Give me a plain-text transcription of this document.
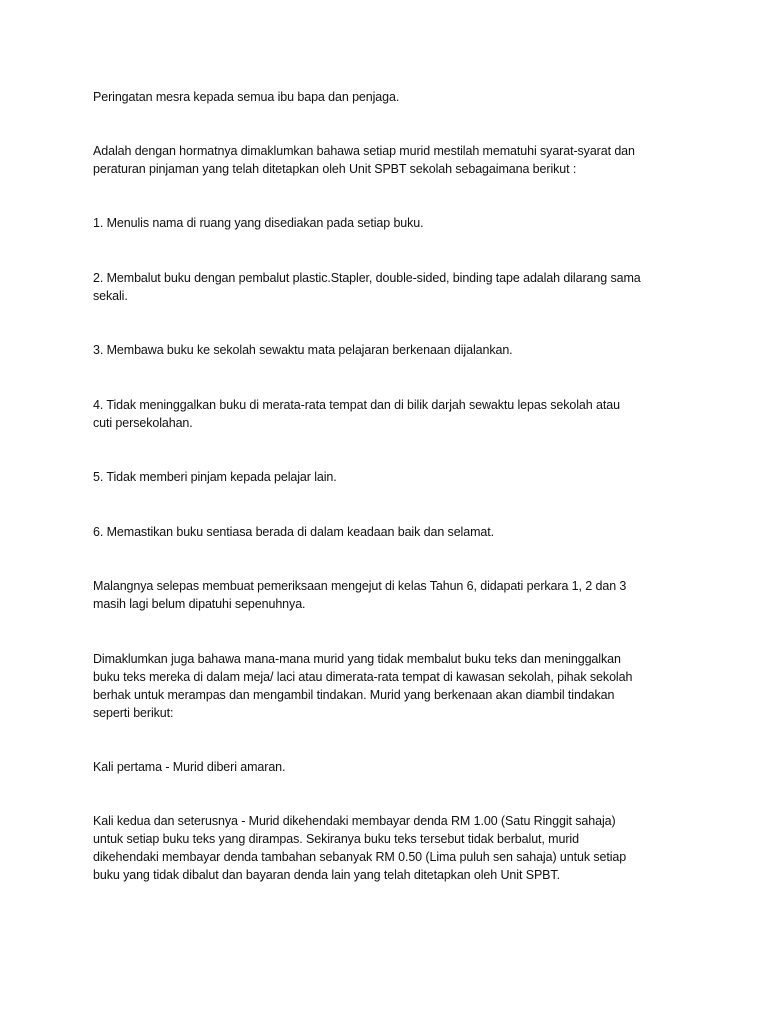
Peringatan mesra kepada semua ibu bapa dan penjaga.
Adalah dengan hormatnya dimaklumkan bahawa setiap murid mestilah mematuhi syarat-syarat dan
peraturan pinjaman yang telah ditetapkan oleh Unit SPBT sekolah sebagaimana berikut :
1. Menulis nama di ruang yang disediakan pada setiap buku.
2. Membalut buku dengan pembalut plastic.Stapler, double-sided, binding tape adalah dilarang sama
sekali.
3. Membawa buku ke sekolah sewaktu mata pelajaran berkenaan dijalankan.
4. Tidak meninggalkan buku di merata-rata tempat dan di bilik darjah sewaktu lepas sekolah atau
cuti persekolahan.
5. Tidak memberi pinjam kepada pelajar lain.
6. Memastikan buku sentiasa berada di dalam keadaan baik dan selamat.
Malangnya selepas membuat pemeriksaan mengejut di kelas Tahun 6, didapati perkara 1, 2 dan 3
masih lagi belum dipatuhi sepenuhnya.
Dimaklumkan juga bahawa mana-mana murid yang tidak membalut buku teks dan meninggalkan
buku teks mereka di dalam meja/ laci atau dimerata-rata tempat di kawasan sekolah, pihak sekolah
berhak untuk merampas dan mengambil tindakan. Murid yang berkenaan akan diambil tindakan
seperti berikut:
Kali pertama - Murid diberi amaran.
Kali kedua dan seterusnya - Murid dikehendaki membayar denda RM 1.00 (Satu Ringgit sahaja)
untuk setiap buku teks yang dirampas. Sekiranya buku teks tersebut tidak berbalut, murid
dikehendaki membayar denda tambahan sebanyak RM 0.50 (Lima puluh sen sahaja) untuk setiap
buku yang tidak dibalut dan bayaran denda lain yang telah ditetapkan oleh Unit SPBT.
